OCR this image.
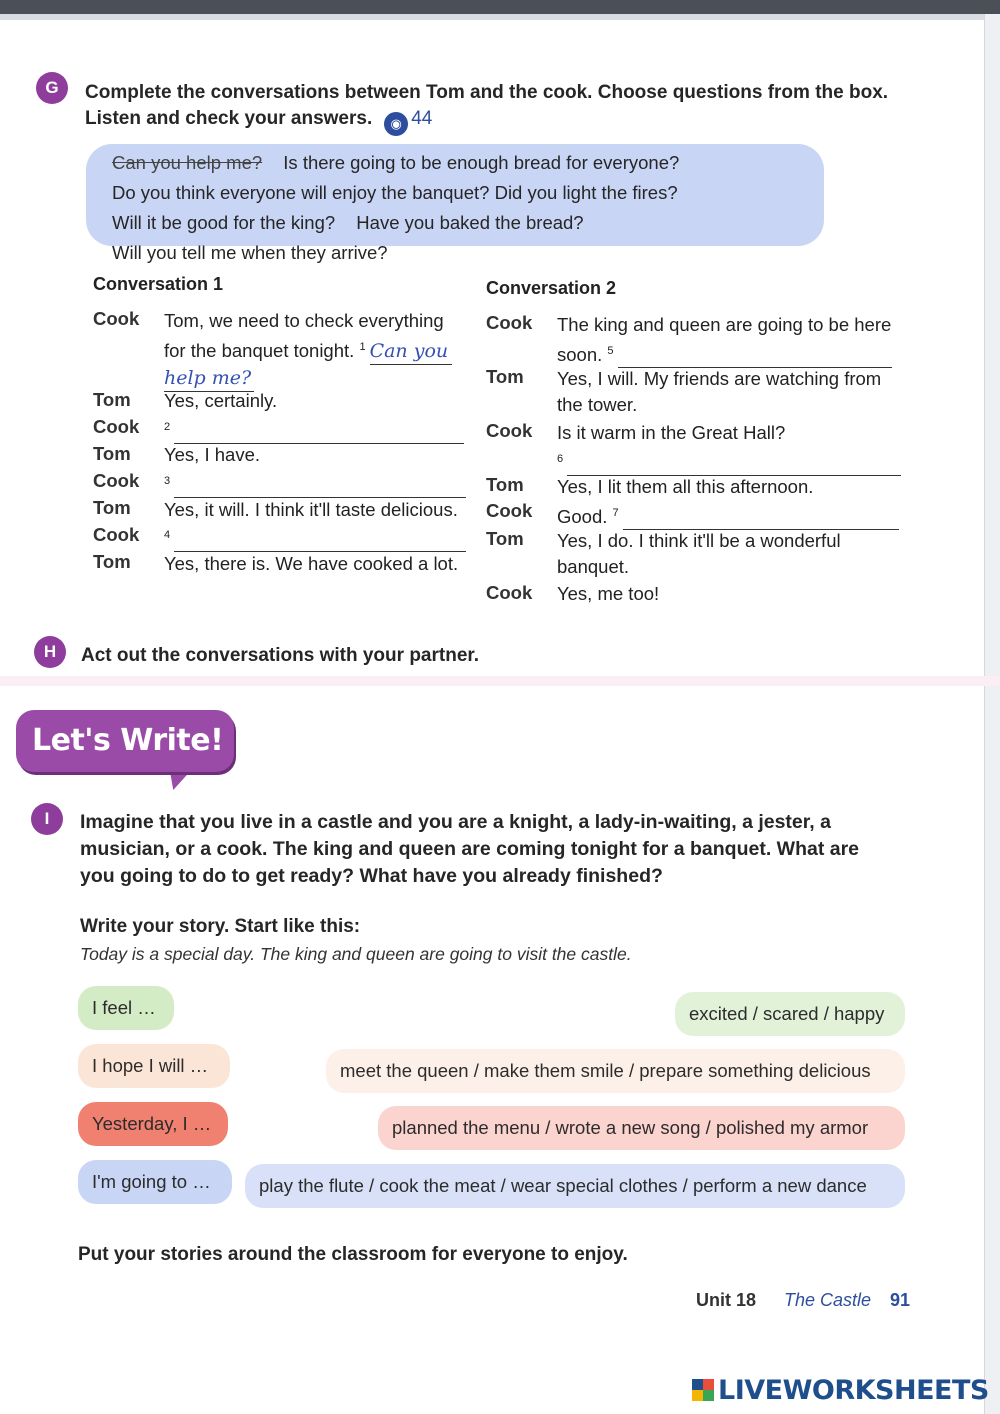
G	Complete the conversations between Tom and the cook. Choose questions from the box.
Listen and check your answers. ◉ 44
Can you help me? Is there going to be enough bread for everyone? Do you think everyone will enjoy the banquet? Did you light the fires? Will it be good for the king? Have you baked the bread? Will you tell me when they arrive?
Conversation 1
Cook Tom, we need to check everything
for the banquet tonight. $^1$ Can you
help me?
Tom Yes, certainly.
Cook $^2$
Tom Yes, I have.
Cook $^3$
Tom Yes, it will. I think it'll taste delicious.
Cook $^4$
Tom Yes, there is. We have cooked a lot.
Conversation 2
Cook The king and queen are going to be here
soon. $^5$
Tom Yes, I will. My friends are watching from
the tower.
Cook Is it warm in the Great Hall?
$^6$
Tom Yes, I lit them all this afternoon.
Cook Good. $^7$
Tom Yes, I do. I think it'll be a wonderful
banquet.
Cook Yes, me too!
H	Act out the conversations with your partner.
Let's Write!
I	Imagine that you live in a castle and you are a knight, a lady-in-waiting, a jester, a
musician, or a cook. The king and queen are coming tonight for a banquet. What are
you going to do to get ready? What have you already finished?
Write your story. Start like this:
Today is a special day. The king and queen are going to visit the castle.
I feel …	excited / scared / happy
I hope I will …	meet the queen / make them smile / prepare something delicious
Yesterday, I …	planned the menu / wrote a new song / polished my armor
I'm going to …	play the flute / cook the meat / wear special clothes / perform a new dance
Put your stories around the classroom for everyone to enjoy.
Unit 18 The Castle 91
LIVEWORKSHEETS
